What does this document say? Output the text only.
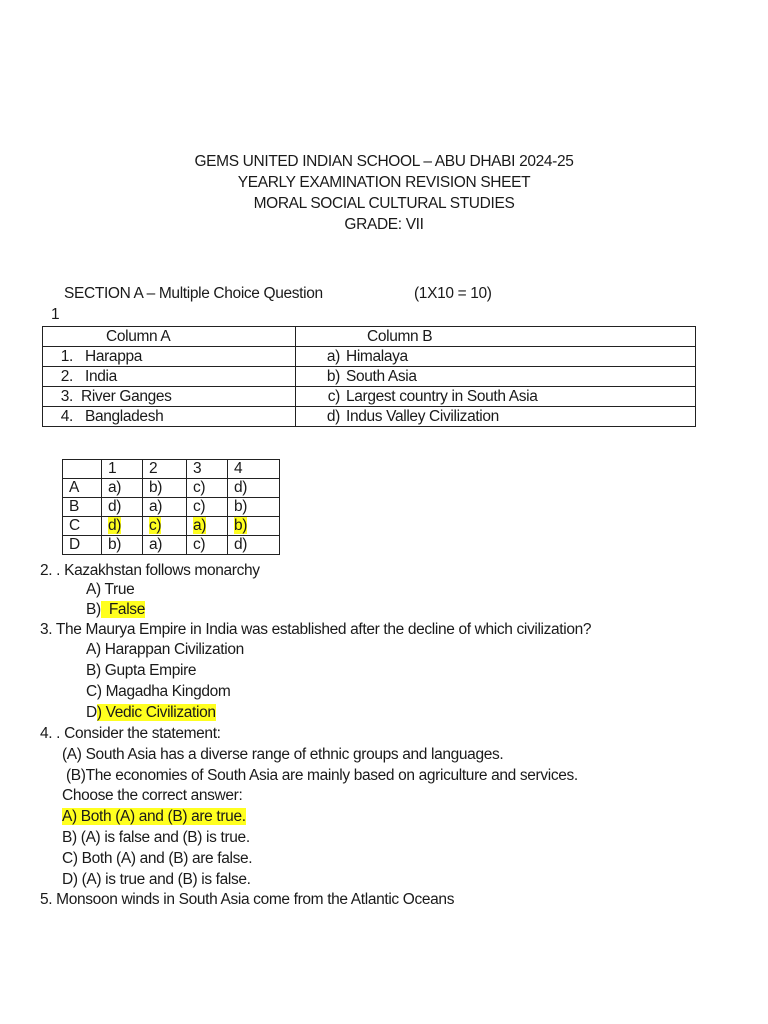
GEMS UNITED INDIAN SCHOOL – ABU DHABI 2024-25
YEARLY EXAMINATION REVISION SHEET
MORAL SOCIAL CULTURAL STUDIES
GRADE: VII
SECTION A – Multiple Choice Question	(1X10 = 10)
1
Column A	Column B
1. Harappa	a) Himalaya
2. India	b) South Asia
3. River Ganges	c) Largest country in South Asia
4. Bangladesh	d) Indus Valley Civilization
	1	2	3	4
A	a)	b)	c)	d)
B	d)	a)	c)	b)
C	d)	c)	a)	b)
D	b)	a)	c)	d)
2. . Kazakhstan follows monarchy
A) True
B) False
3. The Maurya Empire in India was established after the decline of which civilization?
A) Harappan Civilization
B) Gupta Empire
C) Magadha Kingdom
D) Vedic Civilization
4. . Consider the statement:
(A) South Asia has a diverse range of ethnic groups and languages.
(B)The economies of South Asia are mainly based on agriculture and services.
Choose the correct answer:
A) Both (A) and (B) are true.
B) (A) is false and (B) is true.
C) Both (A) and (B) are false.
D) (A) is true and (B) is false.
5. Monsoon winds in South Asia come from the Atlantic Oceans
